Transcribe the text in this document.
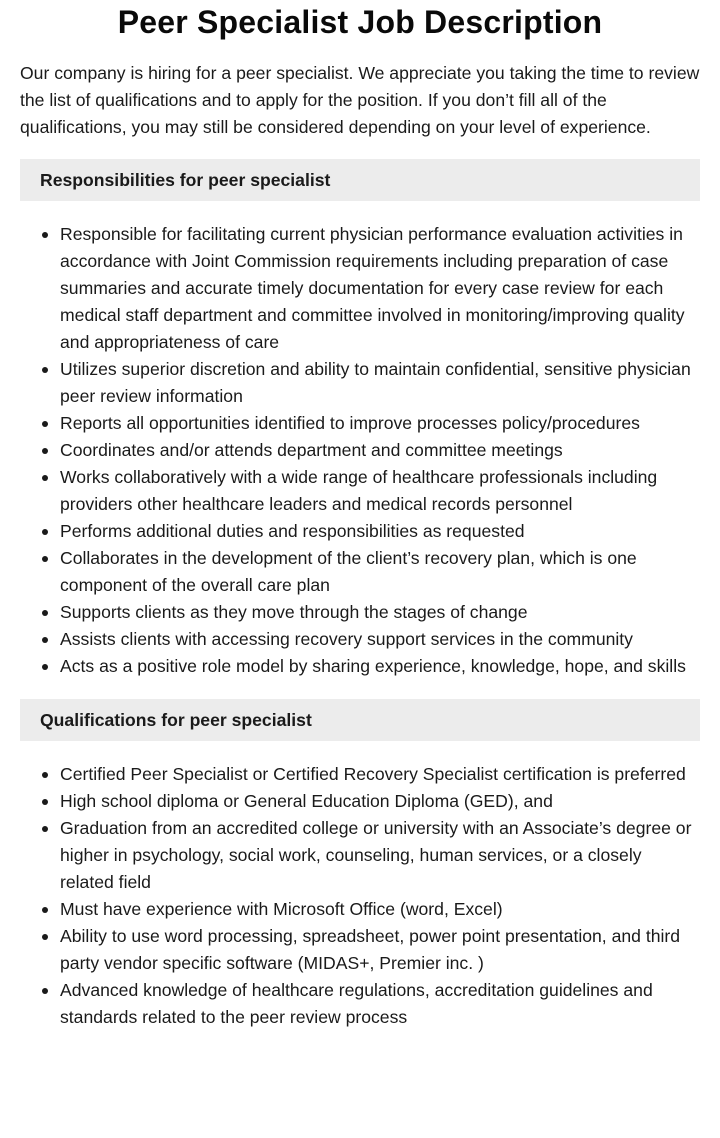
Peer Specialist Job Description

Our company is hiring for a peer specialist. We appreciate you taking the time to review the list of qualifications and to apply for the position. If you don’t fill all of the qualifications, you may still be considered depending on your level of experience.

Responsibilities for peer specialist
Responsible for facilitating current physician performance evaluation activities in accordance with Joint Commission requirements including preparation of case summaries and accurate timely documentation for every case review for each medical staff department and committee involved in monitoring/improving quality and appropriateness of care
Utilizes superior discretion and ability to maintain confidential, sensitive physician peer review information
Reports all opportunities identified to improve processes policy/procedures
Coordinates and/or attends department and committee meetings
Works collaboratively with a wide range of healthcare professionals including providers other healthcare leaders and medical records personnel
Performs additional duties and responsibilities as requested
Collaborates in the development of the client’s recovery plan, which is one component of the overall care plan
Supports clients as they move through the stages of change
Assists clients with accessing recovery support services in the community
Acts as a positive role model by sharing experience, knowledge, hope, and skills
Qualifications for peer specialist
Certified Peer Specialist or Certified Recovery Specialist certification is preferred
High school diploma or General Education Diploma (GED), and
Graduation from an accredited college or university with an Associate’s degree or higher in psychology, social work, counseling, human services, or a closely related field
Must have experience with Microsoft Office (word, Excel)
Ability to use word processing, spreadsheet, power point presentation, and third party vendor specific software (MIDAS+, Premier inc. )
Advanced knowledge of healthcare regulations, accreditation guidelines and standards related to the peer review process
